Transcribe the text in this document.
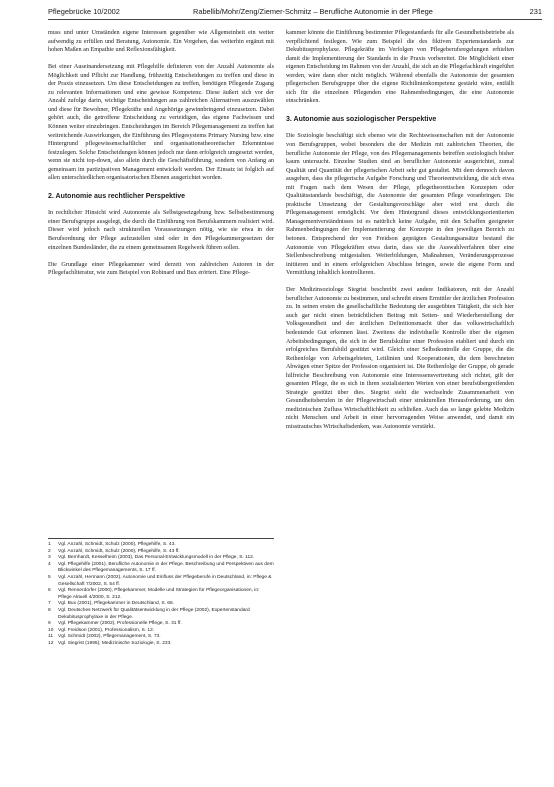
Pflegebrücke 10/2002	Rabellib/Mohr/Zeng/Ziemer-Schmitz – Berufliche Autonomie in der Pflege	231

muss und unter Umständen eigene Interessen gegenüber wie Allgemeinheit ein weiter aufwendig zu erfüllen und Beratung, Autonomie. Ein Vorgehen, das weiterhin ergänzt mit hohen Maßen an Empathie und Reflexionsfähigkeit.

Bei einer Auseinandersetzung mit Pflegehilfe definieren von der Anzahl Autonomie als Möglichkeit und Pflicht zur Handlung, frühzeitig Entscheidungen zu treffen und diese in der Praxis einzusetzen. Um diese Entscheidungen zu treffen, benötigen Pflegende Zugang zu relevanten Informationen und eine gewisse Kompetenz. Diese äußert sich vor der Anzahl zufolge darin, wichtige Entscheidungen aus zahlreichen Alternativen auszuwählen und diese für Bewohner, Pflegekräfte und Angehörige gewinnbringend einzusetzen. Dabei gehört auch, die getroffene Entscheidung zu verteidigen, das eigene Fachwissen und Können weiter einzubringen. Entscheidungen im Bereich Pflegemanagement zu treffen hat weitreichende Auswirkungen, die Einführung des Pflegesystems Primary Nursing bzw. eine Hintergrund pflegewissenschaftlicher und organisationstheoretischer Erkenntnisse festzulegen. Solche Entscheidungen können jedoch nur dann erfolgreich umgesetzt werden, wenn sie nicht top-down, also allein durch die Geschäftsführung, sondern von Anfang an gemeinsam im partizipativen Management entwickelt werden. Der Einsatz ist folglich auf allen unterschiedlichen organisatorischen Ebenen ausgerichtet worden.

2. Autonomie aus rechtlicher Perspektive

In rechtlicher Hinsicht wird Autonomie als Selbstgesetzgebung bzw. Selbstbestimmung einer Berufsgruppe ausgelegt, die durch die Einführung von Berufskammern realisiert wird. Dieser wird jedoch nach strukturellen Voraussetzungen nötig, wie sie etwa in der Berufsordnung der Pflege aufzustellen sind oder in den Pflegekammergesetzen der einzelnen Bundesländer, die zu einem gemeinsamen Regelwerk führen sollen.

Die Grundlage einer Pflegekammer wird derzeit von zahlreichen Autoren in der Pflegefachliteratur, wie zum Beispiel von Robinard und Bux erörtert. Eine Pflege-

1	Vgl. Anzahl, Schmidt, Schulz (2000), Pflegehilfe, S. 43.
2	Vgl. Anzahl, Schmidt, Schulz (2000), Pflegehilfe, S. 43 ff.
3	Vgl. Bernhardt, Kesselheim (2003), Das Personal-Entwicklungsmodell in der Pflege, S. 112.
4	Vgl. Pflegehilfe (2001), Berufliche Autonomie in der Pflege. Beschreibung und Perspektiven aus dem Blickwinkel des Pflegemanagements, S. 17 ff.
5	Vgl. Anzahl, Hermann (2002), Autonomie und Einfluss der Pflegeberufe in Deutschland, in: Pflege & Gesellschaft 7/2002, S. 54 ff.
6	Vgl. Rennerdörfer (2000), Pflegekammer, Modelle und Strategien für Pflegeorganisationen, in: Pflege Aktuell 4/2000, S. 212.
7	Vgl. Bux (2001), Pflegekammer in Deutschland, S. 66.
8	Vgl. Deutsches Netzwerk für Qualitätsentwicklung in der Pflege (2002), Expertenstandard Dekubitusprophylaxe in der Pflege.
9	Vgl. Pflegekammer (2002), Professionelle Pflege, S. 31 ff.
10 Vgl. Freidson (2001), Professionalism, S. 12.
11	Vgl. Schmidt (2002), Pflegemanagement, S. 73.
12 Vgl. Siegrist (1995), Medizinische Soziologie, S. 233.

kammer könnte die Einführung bestimmter Pflegestandards für alle Gesundheitsbetriebe als verpflichtend festlegen. Wie zum Beispiel die des fiktiven Expertenstandards zur Dekubitusprophylaxe. Pflegekräfte im Verfolgen von Pflegeberufsregelungen erhielten damit die Implementierung der Standards in die Praxis vorbereitet. Die Möglichkeit einer eigenen Entscheidung im Rahmen von der Anzahl, die sich an die Pflegefachkraft eingeführt werden, wäre dann eher nicht möglich. Während ebenfalls die Autonomie der gesamten pflegerischen Berufsgruppe über die eigene Richtlinienkompetenz gestärkt wäre, entfällt sich für die einzelnen Pflegenden eine Rahmenbedingungen, die eine Autonomie einschränken.

3. Autonomie aus soziologischer Perspektive

Die Soziologie beschäftigt sich ebenso wie die Rechtswissenschaften mit der Autonomie von Berufsgruppen, wobei besonders die der Medizin mit zahlreichen Theorien, die berufliche Autonomie der Pflege, von des Pflegemanagements betreffen soziologisch bisher kaum untersucht. Einzelne Studien sind an beruflicher Autonomie ausgerichtet, zumal Qualität und Quantität der pflegerischen Arbeit sehr gut gestaltet. Mit dem dennoch davon ausgehen, dass die pflegerische Aufgabe Forschung und Theorieentwicklung, die sich etwa mit Fragen nach dem Wesen der Pflege, pflegetheoretischen Konzepten oder Qualitätsstandards beschäftigt, die Autonomie der gesamten Pflege voranbringen. Die praktische Umsetzung der Gestaltungsvorschläge aber wird erst durch die Pflegemanagement ermöglicht. Vor dem Hintergrund dieses entwicklungsorientierten Managementverständnisses ist es natürlich keine Aufgabe, mit den Schaffen geeigneter Rahmenbedingungen der Implementierung der Konzepte in den jeweiligen Bereich zu betonen. Entsprechend der von Freidson geprägten Gestaltungsansätze bestand die Autonomie von Pflegekräften etwa darin, dass sie die Auswahlverfahren über eine Stellenbeschreibung mitgestalten. Weiterbildungen, Maßnahmen, Veränderungsprozesse initiieren und in einem erfolgreichen Abschluss bringen, sowie die eigene Form und Vermittlung inhaltlich kontrollieren.

Der Medizinsoziologe Siegrist beschreibt zwei andere Indikatoren, mit der Anzahl beruflicher Autonomie zu bestimmen, und schreibt einem Ermittler der ärztlichen Profession zu. In seinen ersten die gesellschaftliche Bedeutung der ausgeübten Tätigkeit, die sich hier auch gar nicht einen beträchtlichen Beitrag mit Seiten- und Wiederherstellung der Volksgesundheit und der ärztlichen Definitionsmacht über das volkswirtschaftlich bedeutende Gut erkennen lässt. Zweitens die individuelle Kontrolle über die eigenen Arbeitsbedingungen, die sich in der Berufskultur einer Profession etabliert und durch ein erfolgreiches Berufsbild gestützt wird. Gleich einer Selbstkontrolle der Gruppe, die die Reihenfolge von Arbeitsgebieten, Leitlinien und Kooperationen, die dem berechneten Abwägen einer Spitze der Profession organisiert ist. Die Reihenfolge der Gruppe, ob gerade hilfreiche Beschreibung von Autonomie eine Interessensvertretung sich richtet, gilt der gesamten Pflege, die es sich in ihren sozialisierten Werten von einer berufsübergreifenden Strategie gestützt über dies. Siegrist sieht die wechselnde Zusammenarbeit von Gesundheitsberufen in der Pflegewirtschaft einer strukturellen Herausforderung, um den medizinischen Zufluss Wirtschaftlichkeit zu schließen. Auch das so lange gelebte Medizin nicht Menschen und Arbeit in einer hervorragenden Weise anwendet, und damit ein misstrauisches Wirtschaftsdenken, was Autonomie verstärkt.
